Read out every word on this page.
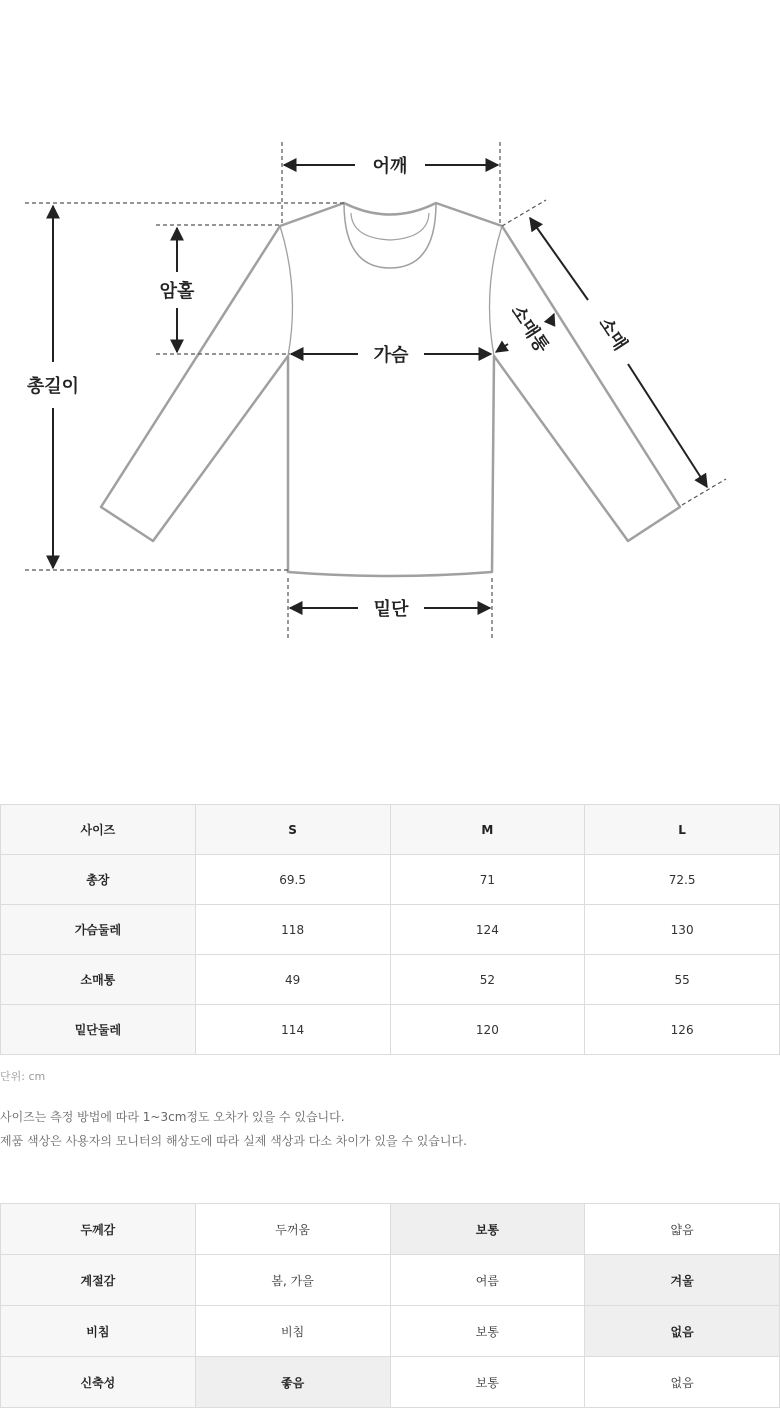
어깨
총길이
암홀
가슴
밑단
소매
소매통
사이즈	S	M	L
총장	69.5	71	72.5
가슴둘레	118	124	130
소매통	49	52	55
밑단둘레	114	120	126

단위: cm

사이즈는 측정 방법에 따라 1~3cm정도 오차가 있을 수 있습니다.

제품 색상은 사용자의 모니터의 해상도에 따라 실제 색상과 다소 차이가 있을 수 있습니다.

두께감	두꺼움	보통	얇음
계절감	봄, 가을	여름	겨울
비침	비침	보통	없음
신축성	좋음	보통	없음
